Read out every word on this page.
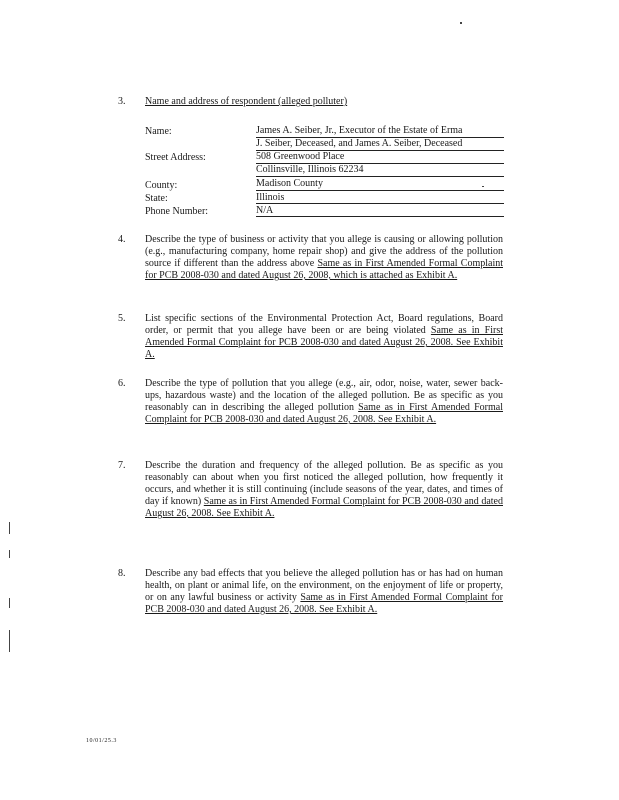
3. Name and address of respondent (alleged polluter)
Name:	James A. Seiber, Jr., Executor of the Estate of Erma
J. Seiber, Deceased, and James A. Seiber, Deceased
Street Address:	508 Greenwood Place
Collinsville, Illinois 62234
County:	Madison County
State:	Illinois
Phone Number:	N/A
4. Describe the type of business or activity that you allege is causing or allowing pollution (e.g., manufacturing company, home repair shop) and give the address of the pollution source if different than the address above Same as in First Amended Formal Complaint for PCB 2008-030 and dated August 26, 2008, which is attached as Exhibit A.
5. List specific sections of the Environmental Protection Act, Board regulations, Board order, or permit that you allege have been or are being violated Same as in First Amended Formal Complaint for PCB 2008-030 and dated August 26, 2008. See Exhibit A.
6. Describe the type of pollution that you allege (e.g., air, odor, noise, water, sewer back-ups, hazardous waste) and the location of the alleged pollution. Be as specific as you reasonably can in describing the alleged pollution Same as in First Amended Formal Complaint for PCB 2008-030 and dated August 26, 2008. See Exhibit A.
7. Describe the duration and frequency of the alleged pollution. Be as specific as you reasonably can about when you first noticed the alleged pollution, how frequently it occurs, and whether it is still continuing (include seasons of the year, dates, and times of day if known) Same as in First Amended Formal Complaint for PCB 2008-030 and dated August 26, 2008. See Exhibit A.
8. Describe any bad effects that you believe the alleged pollution has or has had on human health, on plant or animal life, on the environment, on the enjoyment of life or property, or on any lawful business or activity Same as in First Amended Formal Complaint for PCB 2008-030 and dated August 26, 2008. See Exhibit A.
10/01/25.3
